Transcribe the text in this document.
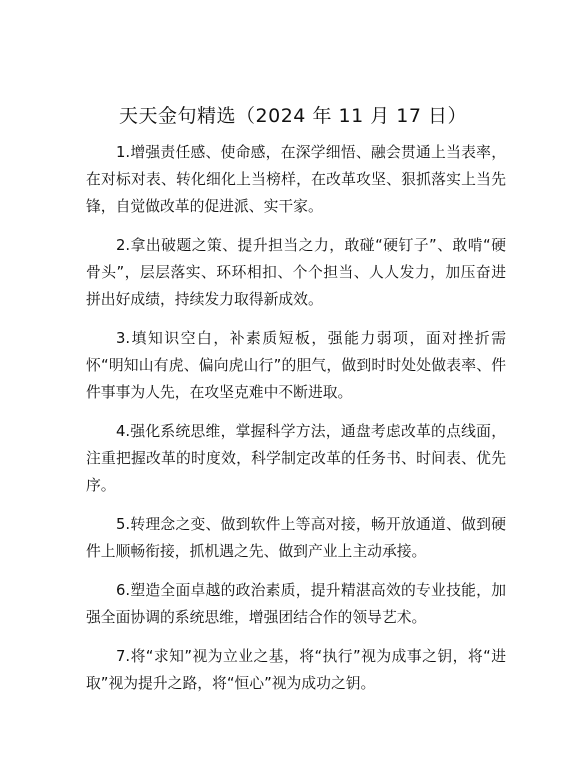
天天金句精选（2024 年 11 月 17 日）

1.增强责任感、使命感，在深学细悟、融会贯通上当表率，在对标对表、转化细化上当榜样，在改革攻坚、狠抓落实上当先锋，自觉做改革的促进派、实干家。

2.拿出破题之策、提升担当之力，敢碰“硬钉子”、敢啃“硬骨头”，层层落实、环环相扣、个个担当、人人发力，加压奋进拼出好成绩，持续发力取得新成效。

3.填知识空白，补素质短板，强能力弱项，面对挫折需怀“明知山有虎、偏向虎山行”的胆气，做到时时处处做表率、件件事事为人先，在攻坚克难中不断进取。

4.强化系统思维，掌握科学方法，通盘考虑改革的点线面，注重把握改革的时度效，科学制定改革的任务书、时间表、优先序。

5.转理念之变、做到软件上等高对接，畅开放通道、做到硬件上顺畅衔接，抓机遇之先、做到产业上主动承接。

6.塑造全面卓越的政治素质，提升精湛高效的专业技能，加强全面协调的系统思维，增强团结合作的领导艺术。

7.将“求知”视为立业之基，将“执行”视为成事之钥，将“进取”视为提升之路，将“恒心”视为成功之钥。
